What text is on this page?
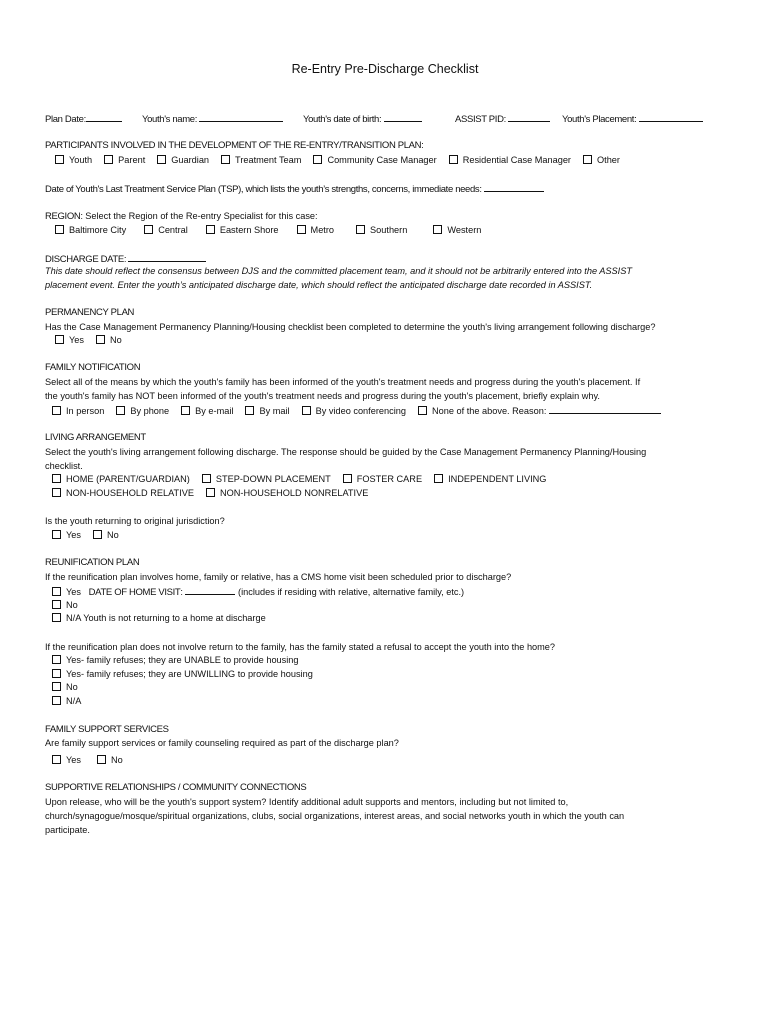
Re-Entry Pre-Discharge Checklist
Plan Date:	Youth's name:	Youth's date of birth:	ASSIST PID:	Youth's Placement:
PARTICIPANTS INVOLVED IN THE DEVELOPMENT OF THE RE-ENTRY/TRANSITION PLAN:
Youth	Parent	Guardian	Treatment Team	Community Case Manager	Residential Case Manager	Other
Date of Youth's Last Treatment Service Plan (TSP), which lists the youth’s strengths, concerns, immediate needs:
REGION: Select the Region of the Re-entry Specialist for this case:
Baltimore City	Central	Eastern Shore	Metro	Southern	Western
DISCHARGE DATE:
This date should reflect the consensus between DJS and the committed placement team, and it should not be arbitrarily entered into the ASSIST
placement event. Enter the youth’s anticipated discharge date, which should reflect the anticipated discharge date recorded in ASSIST.
PERMANENCY PLAN
Has the Case Management Permanency Planning/Housing checklist been completed to determine the youth's living arrangement following discharge?
Yes	No
FAMILY NOTIFICATION
Select all of the means by which the youth's family has been informed of the youth's treatment needs and progress during the youth's placement. If
the youth's family has NOT been informed of the youth's treatment needs and progress during the youth's placement, briefly explain why.
In person	By phone	By e-mail	By mail	By video conferencing	None of the above. Reason:
LIVING ARRANGEMENT
Select the youth's living arrangement following discharge. The response should be guided by the Case Management Permanency Planning/Housing
checklist.
HOME (PARENT/GUARDIAN)	STEP-DOWN PLACEMENT	FOSTER CARE	INDEPENDENT LIVING
NON-HOUSEHOLD RELATIVE	NON-HOUSEHOLD NONRELATIVE
Is the youth returning to original jurisdiction?
Yes	No
REUNIFICATION PLAN
If the reunification plan involves home, family or relative, has a CMS home visit been scheduled prior to discharge?
Yes DATE OF HOME VISIT:	(includes if residing with relative, alternative family, etc.)
No
N/A Youth is not returning to a home at discharge
If the reunification plan does not involve return to the family, has the family stated a refusal to accept the youth into the home?
Yes- family refuses; they are UNABLE to provide housing
Yes- family refuses; they are UNWILLING to provide housing
No
N/A
FAMILY SUPPORT SERVICES
Are family support services or family counseling required as part of the discharge plan?
Yes	No
SUPPORTIVE RELATIONSHIPS / COMMUNITY CONNECTIONS
Upon release, who will be the youth's support system? Identify additional adult supports and mentors, including but not limited to,
church/synagogue/mosque/spiritual organizations, clubs, social organizations, interest areas, and social networks youth in which the youth can
participate.
